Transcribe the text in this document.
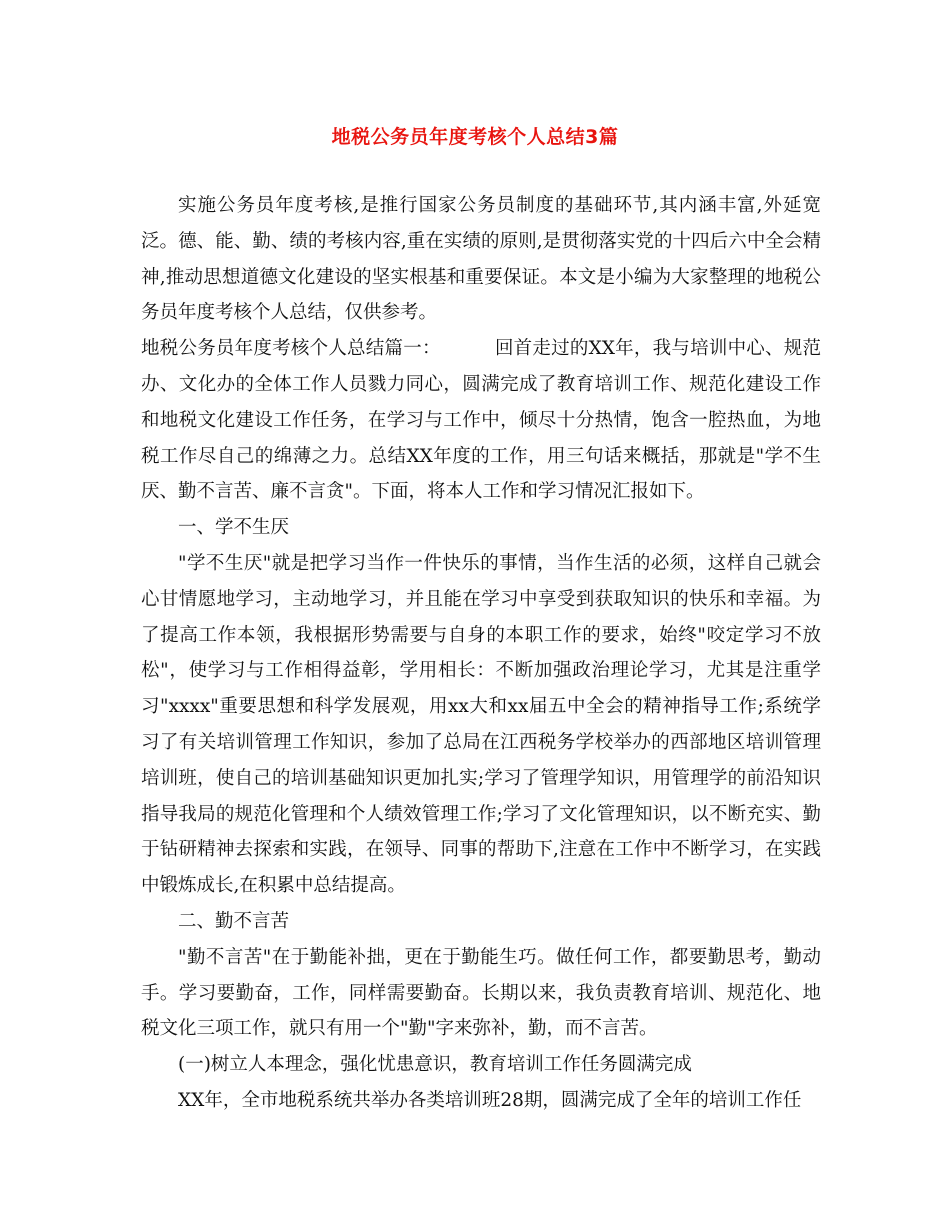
地税公务员年度考核个人总结3篇

实施公务员年度考核,是推行国家公务员制度的基础环节,其内涵丰富,外延宽泛。德、能、勤、绩的考核内容,重在实绩的原则,是贯彻落实党的十四后六中全会精神,推动思想道德文化建设的坚实根基和重要保证。本文是小编为大家整理的地税公务员年度考核个人总结，仅供参考。

地税公务员年度考核个人总结篇一：	回首走过的XX年，我与培训中心、规范办、文化办的全体工作人员戮力同心，圆满完成了教育培训工作、规范化建设工作和地税文化建设工作任务，在学习与工作中，倾尽十分热情，饱含一腔热血，为地税工作尽自己的绵薄之力。总结XX年度的工作，用三句话来概括，那就是"学不生厌、勤不言苦、廉不言贪"。下面，将本人工作和学习情况汇报如下。

一、学不生厌

"学不生厌"就是把学习当作一件快乐的事情，当作生活的必须，这样自己就会心甘情愿地学习，主动地学习，并且能在学习中享受到获取知识的快乐和幸福。为了提高工作本领，我根据形势需要与自身的本职工作的要求，始终"咬定学习不放松"，使学习与工作相得益彰，学用相长：不断加强政治理论学习，尤其是注重学习"xxxx"重要思想和科学发展观，用xx大和xx届五中全会的精神指导工作;系统学习了有关培训管理工作知识，参加了总局在江西税务学校举办的西部地区培训管理培训班，使自己的培训基础知识更加扎实;学习了管理学知识，用管理学的前沿知识指导我局的规范化管理和个人绩效管理工作;学习了文化管理知识，以不断充实、勤于钻研精神去探索和实践，在领导、同事的帮助下,注意在工作中不断学习，在实践中锻炼成长,在积累中总结提高。

二、勤不言苦

"勤不言苦"在于勤能补拙，更在于勤能生巧。做任何工作，都要勤思考，勤动手。学习要勤奋，工作，同样需要勤奋。长期以来，我负责教育培训、规范化、地税文化三项工作，就只有用一个"勤"字来弥补，勤，而不言苦。

(一)树立人本理念，强化忧患意识，教育培训工作任务圆满完成

XX年，全市地税系统共举办各类培训班28期，圆满完成了全年的培训工作任
